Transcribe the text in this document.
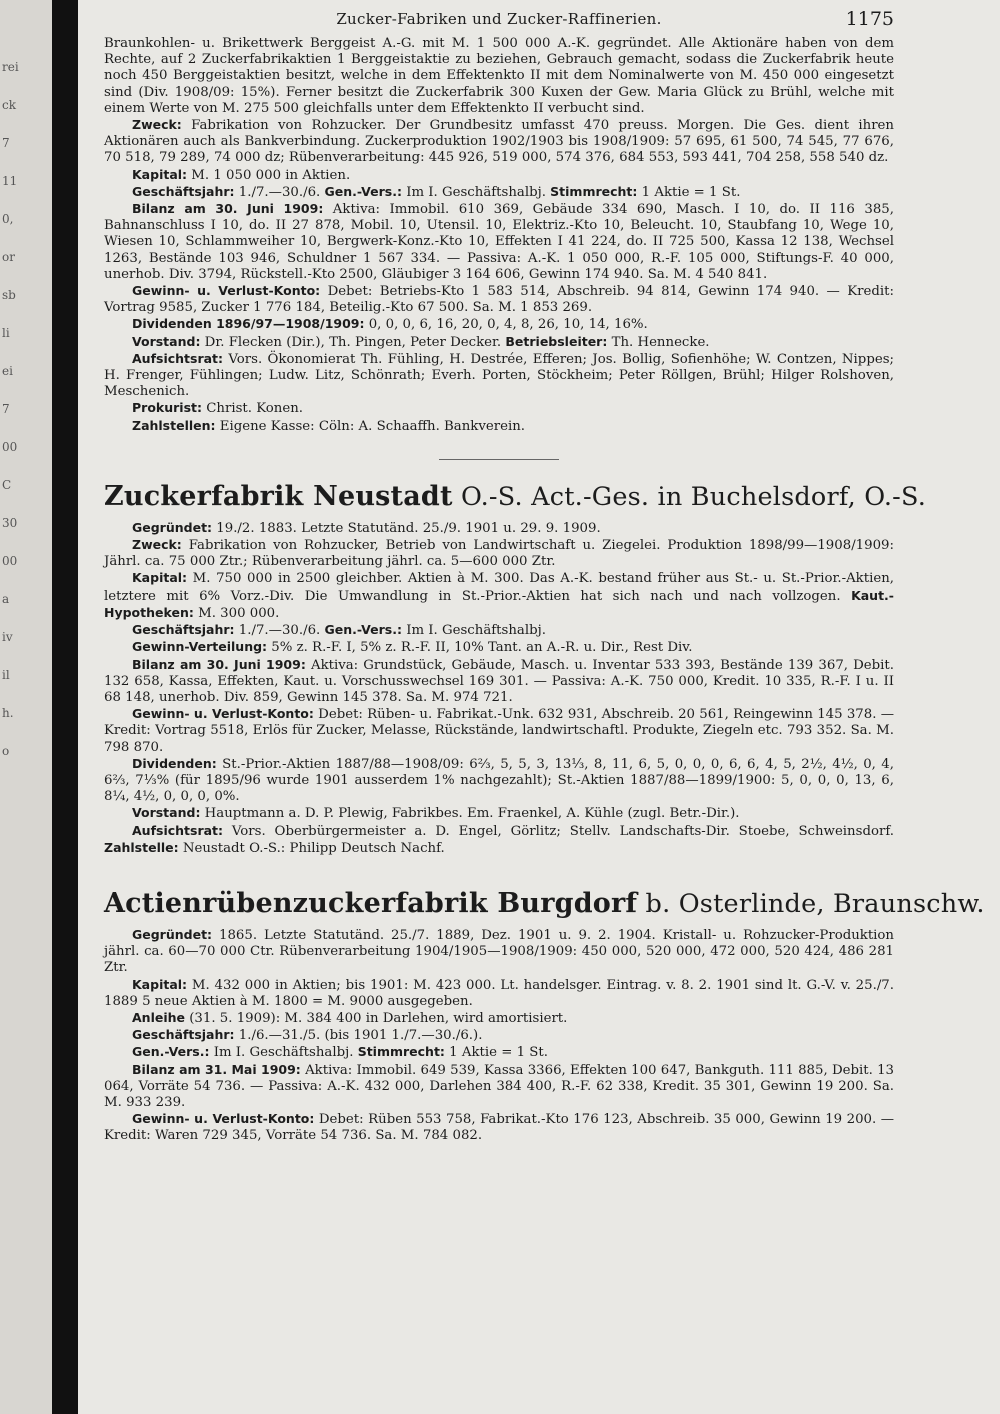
rei
ck
7
11
0,
or
sb
li
ei
7
00
C
30
00
a
iv
il
h.
o
Zucker-Fabriken und Zucker-Raffinerien.	1175

Braunkohlen- u. Brikettwerk Berggeist A.-G. mit M. 1 500 000 A.-K. gegründet. Alle Aktionäre haben von dem Rechte, auf 2 Zuckerfabrikaktien 1 Berggeistaktie zu beziehen, Gebrauch gemacht, sodass die Zuckerfabrik heute noch 450 Berggeistaktien besitzt, welche in dem Effektenkto II mit dem Nominalwerte von M. 450 000 eingesetzt sind (Div. 1908/09: 15%). Ferner besitzt die Zuckerfabrik 300 Kuxen der Gew. Maria Glück zu Brühl, welche mit einem Werte von M. 275 500 gleichfalls unter dem Effektenkto II verbucht sind.

Zweck: Fabrikation von Rohzucker. Der Grundbesitz umfasst 470 preuss. Morgen. Die Ges. dient ihren Aktionären auch als Bankverbindung. Zuckerproduktion 1902/1903 bis 1908/1909: 57 695, 61 500, 74 545, 77 676, 70 518, 79 289, 74 000 dz; Rübenverarbeitung: 445 926, 519 000, 574 376, 684 553, 593 441, 704 258, 558 540 dz.

Kapital: M. 1 050 000 in Aktien.

Geschäftsjahr: 1./7.—30./6. Gen.-Vers.: Im I. Geschäftshalbj. Stimmrecht: 1 Aktie = 1 St.

Bilanz am 30. Juni 1909: Aktiva: Immobil. 610 369, Gebäude 334 690, Masch. I 10, do. II 116 385, Bahnanschluss I 10, do. II 27 878, Mobil. 10, Utensil. 10, Elektriz.-Kto 10, Beleucht. 10, Staubfang 10, Wege 10, Wiesen 10, Schlammweiher 10, Bergwerk-Konz.-Kto 10, Effekten I 41 224, do. II 725 500, Kassa 12 138, Wechsel 1263, Bestände 103 946, Schuldner 1 567 334. — Passiva: A.-K. 1 050 000, R.-F. 105 000, Stiftungs-F. 40 000, unerhob. Div. 3794, Rückstell.-Kto 2500, Gläubiger 3 164 606, Gewinn 174 940. Sa. M. 4 540 841.

Gewinn- u. Verlust-Konto: Debet: Betriebs-Kto 1 583 514, Abschreib. 94 814, Gewinn 174 940. — Kredit: Vortrag 9585, Zucker 1 776 184, Beteilig.-Kto 67 500. Sa. M. 1 853 269.

Dividenden 1896/97—1908/1909: 0, 0, 0, 6, 16, 20, 0, 4, 8, 26, 10, 14, 16%.

Vorstand: Dr. Flecken (Dir.), Th. Pingen, Peter Decker. Betriebsleiter: Th. Hennecke.

Aufsichtsrat: Vors. Ökonomierat Th. Fühling, H. Destrée, Efferen; Jos. Bollig, Sofienhöhe; W. Contzen, Nippes; H. Frenger, Fühlingen; Ludw. Litz, Schönrath; Everh. Porten, Stöckheim; Peter Röllgen, Brühl; Hilger Rolshoven, Meschenich.

Prokurist: Christ. Konen.

Zahlstellen: Eigene Kasse: Cöln: A. Schaaffh. Bankverein.

Zuckerfabrik Neustadt O.-S. Act.-Ges. in Buchelsdorf, O.-S.

Gegründet: 19./2. 1883. Letzte Statutänd. 25./9. 1901 u. 29. 9. 1909.

Zweck: Fabrikation von Rohzucker, Betrieb von Landwirtschaft u. Ziegelei. Produktion 1898/99—1908/1909: Jährl. ca. 75 000 Ztr.; Rübenverarbeitung jährl. ca. 5—600 000 Ztr.

Kapital: M. 750 000 in 2500 gleichber. Aktien à M. 300. Das A.-K. bestand früher aus St.- u. St.-Prior.-Aktien, letztere mit 6% Vorz.-Div. Die Umwandlung in St.-Prior.-Aktien hat sich nach und nach vollzogen. Kaut.-Hypotheken: M. 300 000.

Geschäftsjahr: 1./7.—30./6. Gen.-Vers.: Im I. Geschäftshalbj.

Gewinn-Verteilung: 5% z. R.-F. I, 5% z. R.-F. II, 10% Tant. an A.-R. u. Dir., Rest Div.

Bilanz am 30. Juni 1909: Aktiva: Grundstück, Gebäude, Masch. u. Inventar 533 393, Bestände 139 367, Debit. 132 658, Kassa, Effekten, Kaut. u. Vorschusswechsel 169 301. — Passiva: A.-K. 750 000, Kredit. 10 335, R.-F. I u. II 68 148, unerhob. Div. 859, Gewinn 145 378. Sa. M. 974 721.

Gewinn- u. Verlust-Konto: Debet: Rüben- u. Fabrikat.-Unk. 632 931, Abschreib. 20 561, Reingewinn 145 378. — Kredit: Vortrag 5518, Erlös für Zucker, Melasse, Rückstände, landwirtschaftl. Produkte, Ziegeln etc. 793 352. Sa. M. 798 870.

Dividenden: St.-Prior.-Aktien 1887/88—1908/09: 6⅔, 5, 5, 3, 13⅓, 8, 11, 6, 5, 0, 0, 0, 6, 6, 4, 5, 2½, 4½, 0, 4, 6⅔, 7⅓% (für 1895/96 wurde 1901 ausserdem 1% nachgezahlt); St.-Aktien 1887/88—1899/1900: 5, 0, 0, 0, 13, 6, 8¼, 4½, 0, 0, 0, 0%.

Vorstand: Hauptmann a. D. P. Plewig, Fabrikbes. Em. Fraenkel, A. Kühle (zugl. Betr.-Dir.).

Aufsichtsrat: Vors. Oberbürgermeister a. D. Engel, Görlitz; Stellv. Landschafts-Dir. Stoebe, Schweinsdorf. Zahlstelle: Neustadt O.-S.: Philipp Deutsch Nachf.

Actienrübenzuckerfabrik Burgdorf b. Osterlinde, Braunschw.

Gegründet: 1865. Letzte Statutänd. 25./7. 1889, Dez. 1901 u. 9. 2. 1904. Kristall- u. Rohzucker-Produktion jährl. ca. 60—70 000 Ctr. Rübenverarbeitung 1904/1905—1908/1909: 450 000, 520 000, 472 000, 520 424, 486 281 Ztr.

Kapital: M. 432 000 in Aktien; bis 1901: M. 423 000. Lt. handelsger. Eintrag. v. 8. 2. 1901 sind lt. G.-V. v. 25./7. 1889 5 neue Aktien à M. 1800 = M. 9000 ausgegeben.

Anleihe (31. 5. 1909): M. 384 400 in Darlehen, wird amortisiert.

Geschäftsjahr: 1./6.—31./5. (bis 1901 1./7.—30./6.).

Gen.-Vers.: Im I. Geschäftshalbj. Stimmrecht: 1 Aktie = 1 St.

Bilanz am 31. Mai 1909: Aktiva: Immobil. 649 539, Kassa 3366, Effekten 100 647, Bankguth. 111 885, Debit. 13 064, Vorräte 54 736. — Passiva: A.-K. 432 000, Darlehen 384 400, R.-F. 62 338, Kredit. 35 301, Gewinn 19 200. Sa. M. 933 239.

Gewinn- u. Verlust-Konto: Debet: Rüben 553 758, Fabrikat.-Kto 176 123, Abschreib. 35 000, Gewinn 19 200. — Kredit: Waren 729 345, Vorräte 54 736. Sa. M. 784 082.
